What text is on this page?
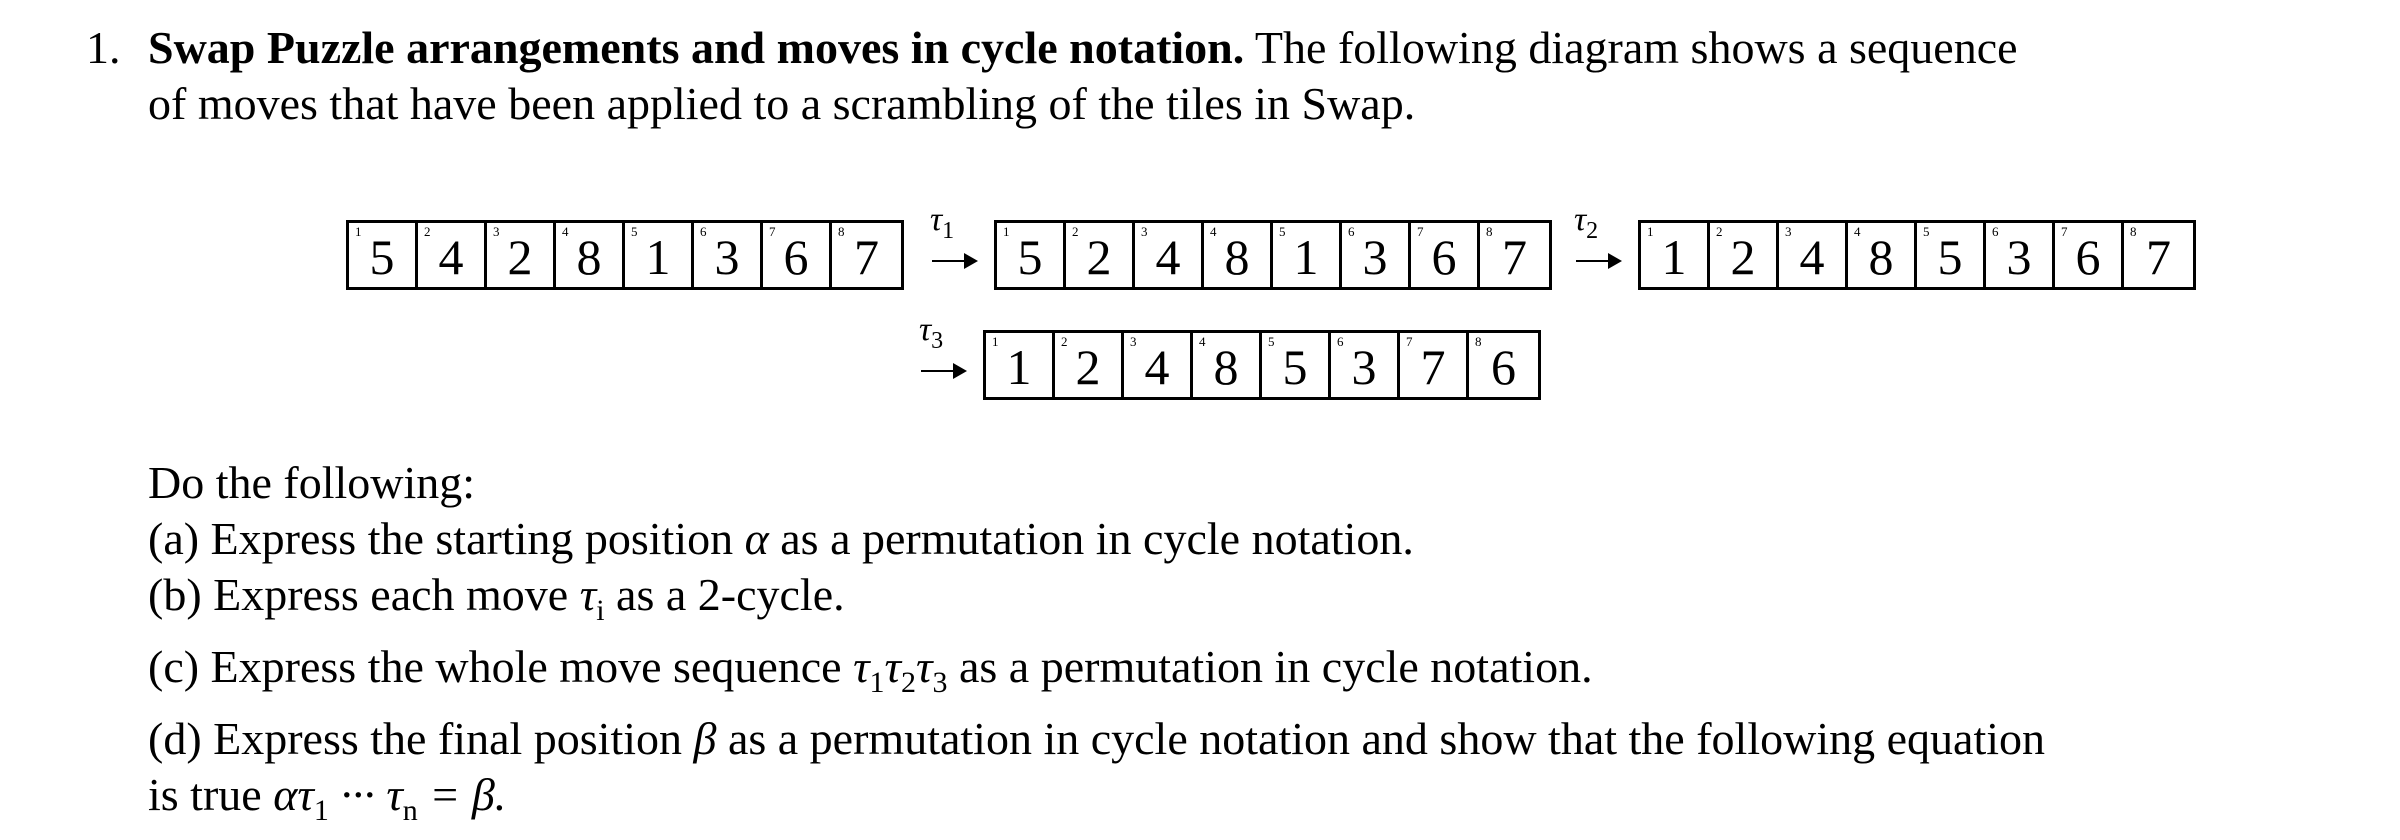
1. Swap Puzzle arrangements and moves in cycle notation. The following diagram shows a sequence
of moves that have been applied to a scrambling of the tiles in Swap.
1 5	2 4	3 2	4 8	5 1	6 3	7 6	8 7
$\tau_1$	1 5	2 2	3 4	4 8	5 1	6 3	7 6	8 7
$\tau_2$	1 1	2 2	3 4	4 8	5 5	6 3	7 6	8 7
$\tau_3$	1 1	2 2	3 4	4 8	5 5	6 3	7 7	8 6
Do the following:
(a) Express the starting position α as a permutation in cycle notation.
(b) Express each move $\tau_i$ as a 2-cycle.
(c) Express the whole move sequence $\tau_1\tau_2\tau_3$ as a permutation in cycle notation.
(d) Express the final position β as a permutation in cycle notation and show that the following equation
is true $\alpha\tau_1$ ··· $\tau_n = \beta$.
